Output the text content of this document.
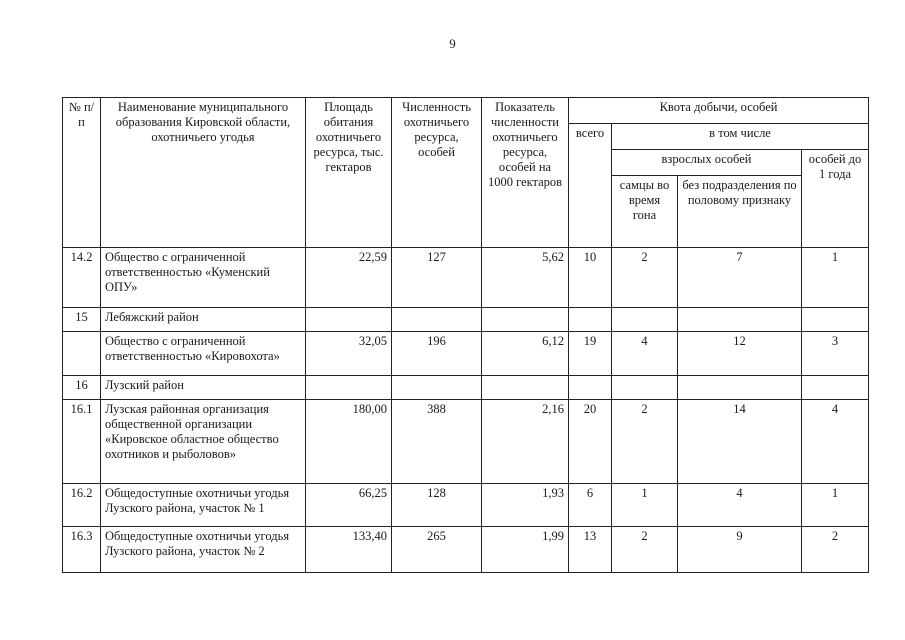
9
№ п/п	Наименование муниципального образования Кировской области, охотничьего угодья	Площадь обитания охотничьего ресурса, тыс. гектаров	Численность охотничьего ресурса, особей	Показатель численности охотничьего ресурса, особей на 1000 гектаров	Квота добычи, особей			
					всего	в том числе		
						взрослых особей		особей до 1 года
						самцы во время гона	без подразделения по половому признаку	
14.2	Общество с ограниченной ответственностью «Куменский ОПУ»	22,59	127	5,62	10	2	7	1
15	Лебяжский район							
	Общество с ограниченной ответственностью «Кировохота»	32,05	196	6,12	19	4	12	3
16	Лузский район							
16.1	Лузская районная организация общественной организации «Кировское областное общество охотников и рыболовов»	180,00	388	2,16	20	2	14	4
16.2	Общедоступные охотничьи угодья Лузского района, участок № 1	66,25	128	1,93	6	1	4	1
16.3	Общедоступные охотничьи угодья Лузского района, участок № 2	133,40	265	1,99	13	2	9	2
